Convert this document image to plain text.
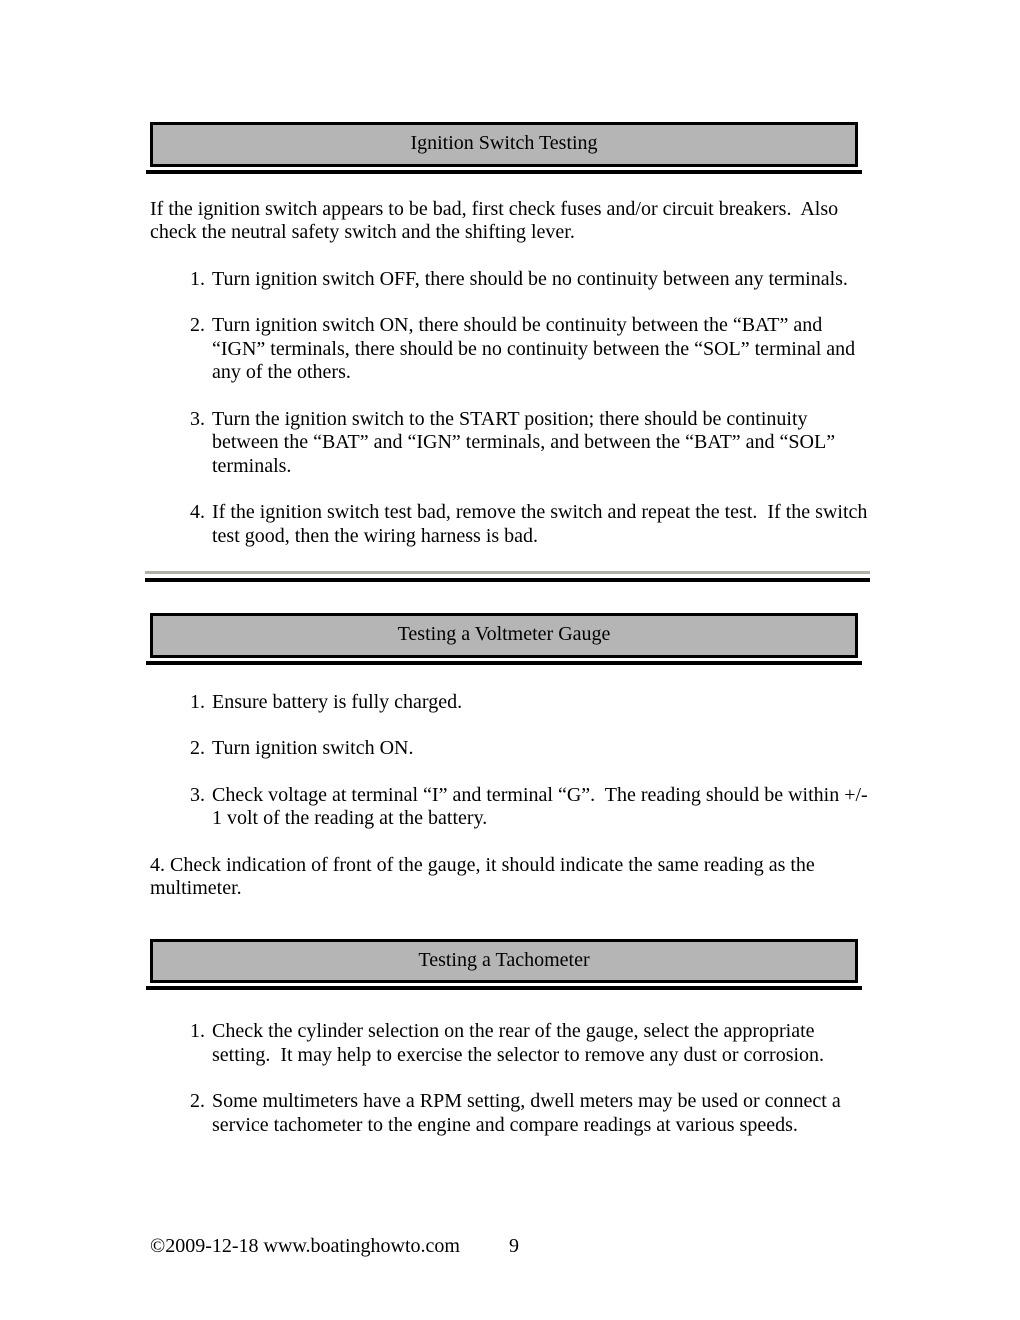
Ignition Switch Testing

If the ignition switch appears to be bad, first check fuses and/or circuit breakers.  Also check the neutral safety switch and the shifting lever.

1. Turn ignition switch OFF, there should be no continuity between any terminals.
2. Turn ignition switch ON, there should be continuity between the “BAT” and “IGN” terminals, there should be no continuity between the “SOL” terminal and any of the others.
3. Turn the ignition switch to the START position; there should be continuity between the “BAT” and “IGN” terminals, and between the “BAT” and “SOL” terminals.
4. If the ignition switch test bad, remove the switch and repeat the test.  If the switch test good, then the wiring harness is bad.
Testing a Voltmeter Gauge
1. Ensure battery is fully charged.
2. Turn ignition switch ON.
3. Check voltage at terminal “I” and terminal “G”.  The reading should be within +/- 1 volt of the reading at the battery.

4. Check indication of front of the gauge, it should indicate the same reading as the multimeter.

Testing a Tachometer
1. Check the cylinder selection on the rear of the gauge, select the appropriate setting.  It may help to exercise the selector to remove any dust or corrosion.
2. Some multimeters have a RPM setting, dwell meters may be used or connect a service tachometer to the engine and compare readings at various speeds.
©2009-12-18 www.boatinghowto.com 9
